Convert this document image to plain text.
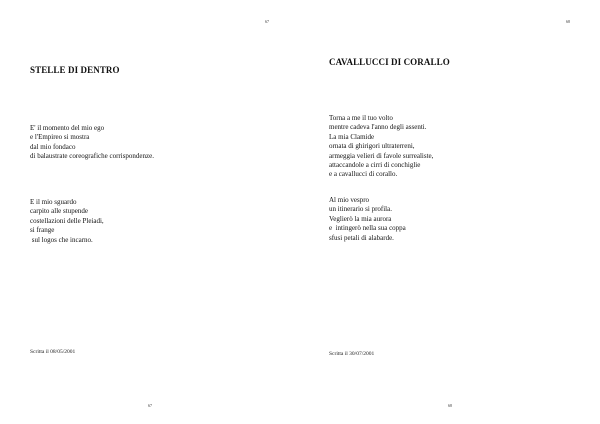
67
STELLE DI DENTRO
E' il momento del mio ego
e l'Empireo si mostra
dal mio fondaco
di balaustrate coreografiche corrispondenze.
E il mio sguardo
carpito alle stupende
costellazioni delle Pleiadi,
si frange
sul logos che incarno.
Scritta il 08/05/2001
67
68
CAVALLUCCI DI CORALLO
Torna a me il tuo volto
mentre cadeva l'anno degli assenti.
La mia Clamide
ornata di ghirigori ultraterreni,
armeggia velieri di favole surrealiste,
attaccandole a cirri di conchiglie
e a cavallucci di corallo.
Al mio vespro
un itinerario si profila.
Veglierò la mia aurora
e  intingerò nella sua coppa
sfusi petali di alabarde.
Scritta il 30/07/2001
68
